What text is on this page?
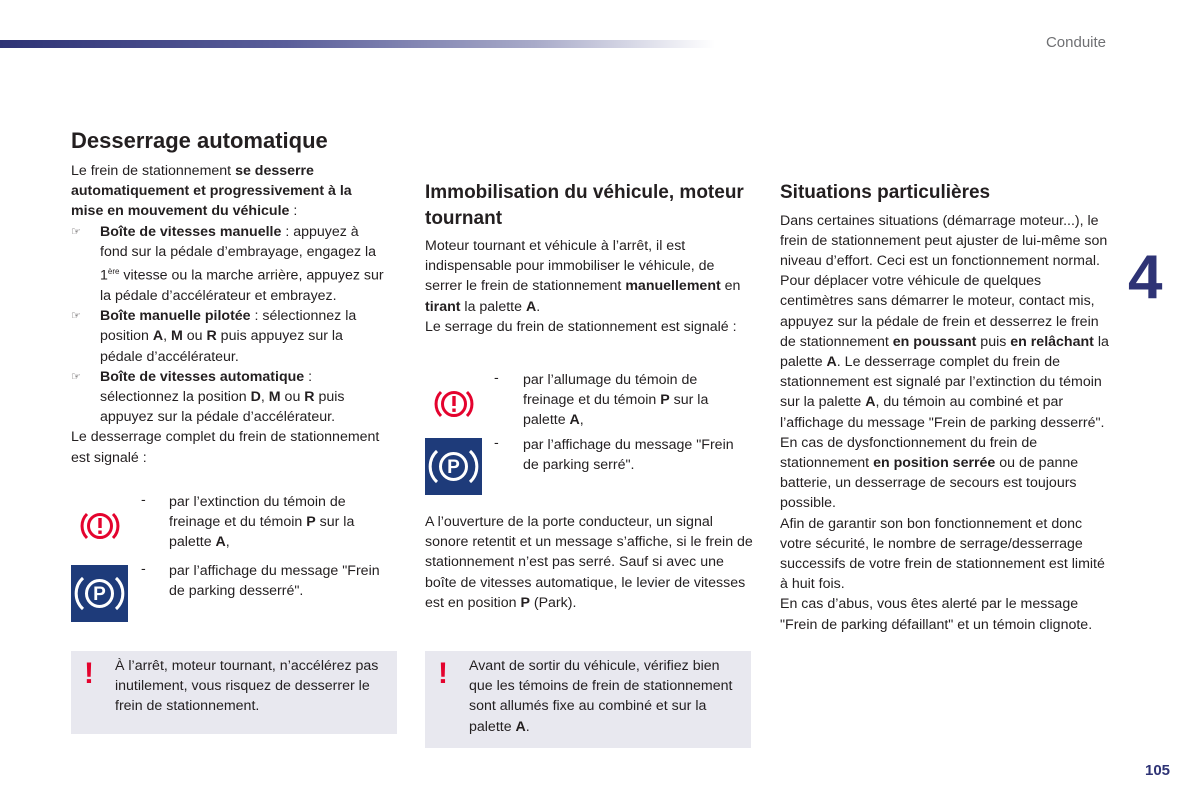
Conduite
4
105
Desserrage automatique

Le frein de stationnement se desserre automatiquement et progressivement à la mise en mouvement du véhicule :

☞ Boîte de vitesses manuelle : appuyez à fond sur la pédale d’embrayage, engagez la 1ère vitesse ou la marche arrière, appuyez sur la pédale d’accélérateur et embrayez.
☞ Boîte manuelle pilotée : sélectionnez la position A, M ou R puis appuyez sur la pédale d’accélérateur.
☞ Boîte de vitesses automatique : sélectionnez la position D, M ou R puis appuyez sur la pédale d’accélérateur.

Le desserrage complet du frein de stationnement est signalé :

- par l’extinction du témoin de freinage et du témoin P sur la palette A,
P
- par l’affichage du message "Frein de parking desserré".
! À l’arrêt, moteur tournant, n’accélérez pas inutilement, vous risquez de desserrer le frein de stationnement.
Immobilisation du véhicule, moteur tournant

Moteur tournant et véhicule à l’arrêt, il est indispensable pour immobiliser le véhicule, de serrer le frein de stationnement manuellement en tirant la palette A.

Le serrage du frein de stationnement est signalé :

- par l’allumage du témoin de freinage et du témoin P sur la palette A,
P
- par l’affichage du message "Frein de parking serré".

A l’ouverture de la porte conducteur, un signal sonore retentit et un message s’affiche, si le frein de stationnement n’est pas serré. Sauf si avec une boîte de vitesses automatique, le levier de vitesses est en position P (Park).

! Avant de sortir du véhicule, vérifiez bien que les témoins de frein de stationnement sont allumés fixe au combiné et sur la palette A.
Situations particulières

Dans certaines situations (démarrage moteur...), le frein de stationnement peut ajuster de lui-même son niveau d’effort. Ceci est un fonctionnement normal.

Pour déplacer votre véhicule de quelques centimètres sans démarrer le moteur, contact mis, appuyez sur la pédale de frein et desserrez le frein de stationnement en poussant puis en relâchant la palette A. Le desserrage complet du frein de stationnement est signalé par l’extinction du témoin sur la palette A, du témoin au combiné et par l’affichage du message "Frein de parking desserré".

En cas de dysfonctionnement du frein de stationnement en position serrée ou de panne batterie, un desserrage de secours est toujours possible.

Afin de garantir son bon fonctionnement et donc votre sécurité, le nombre de serrage/desserrage successifs de votre frein de stationnement est limité à huit fois.

En cas d’abus, vous êtes alerté par le message "Frein de parking défaillant" et un témoin clignote.
